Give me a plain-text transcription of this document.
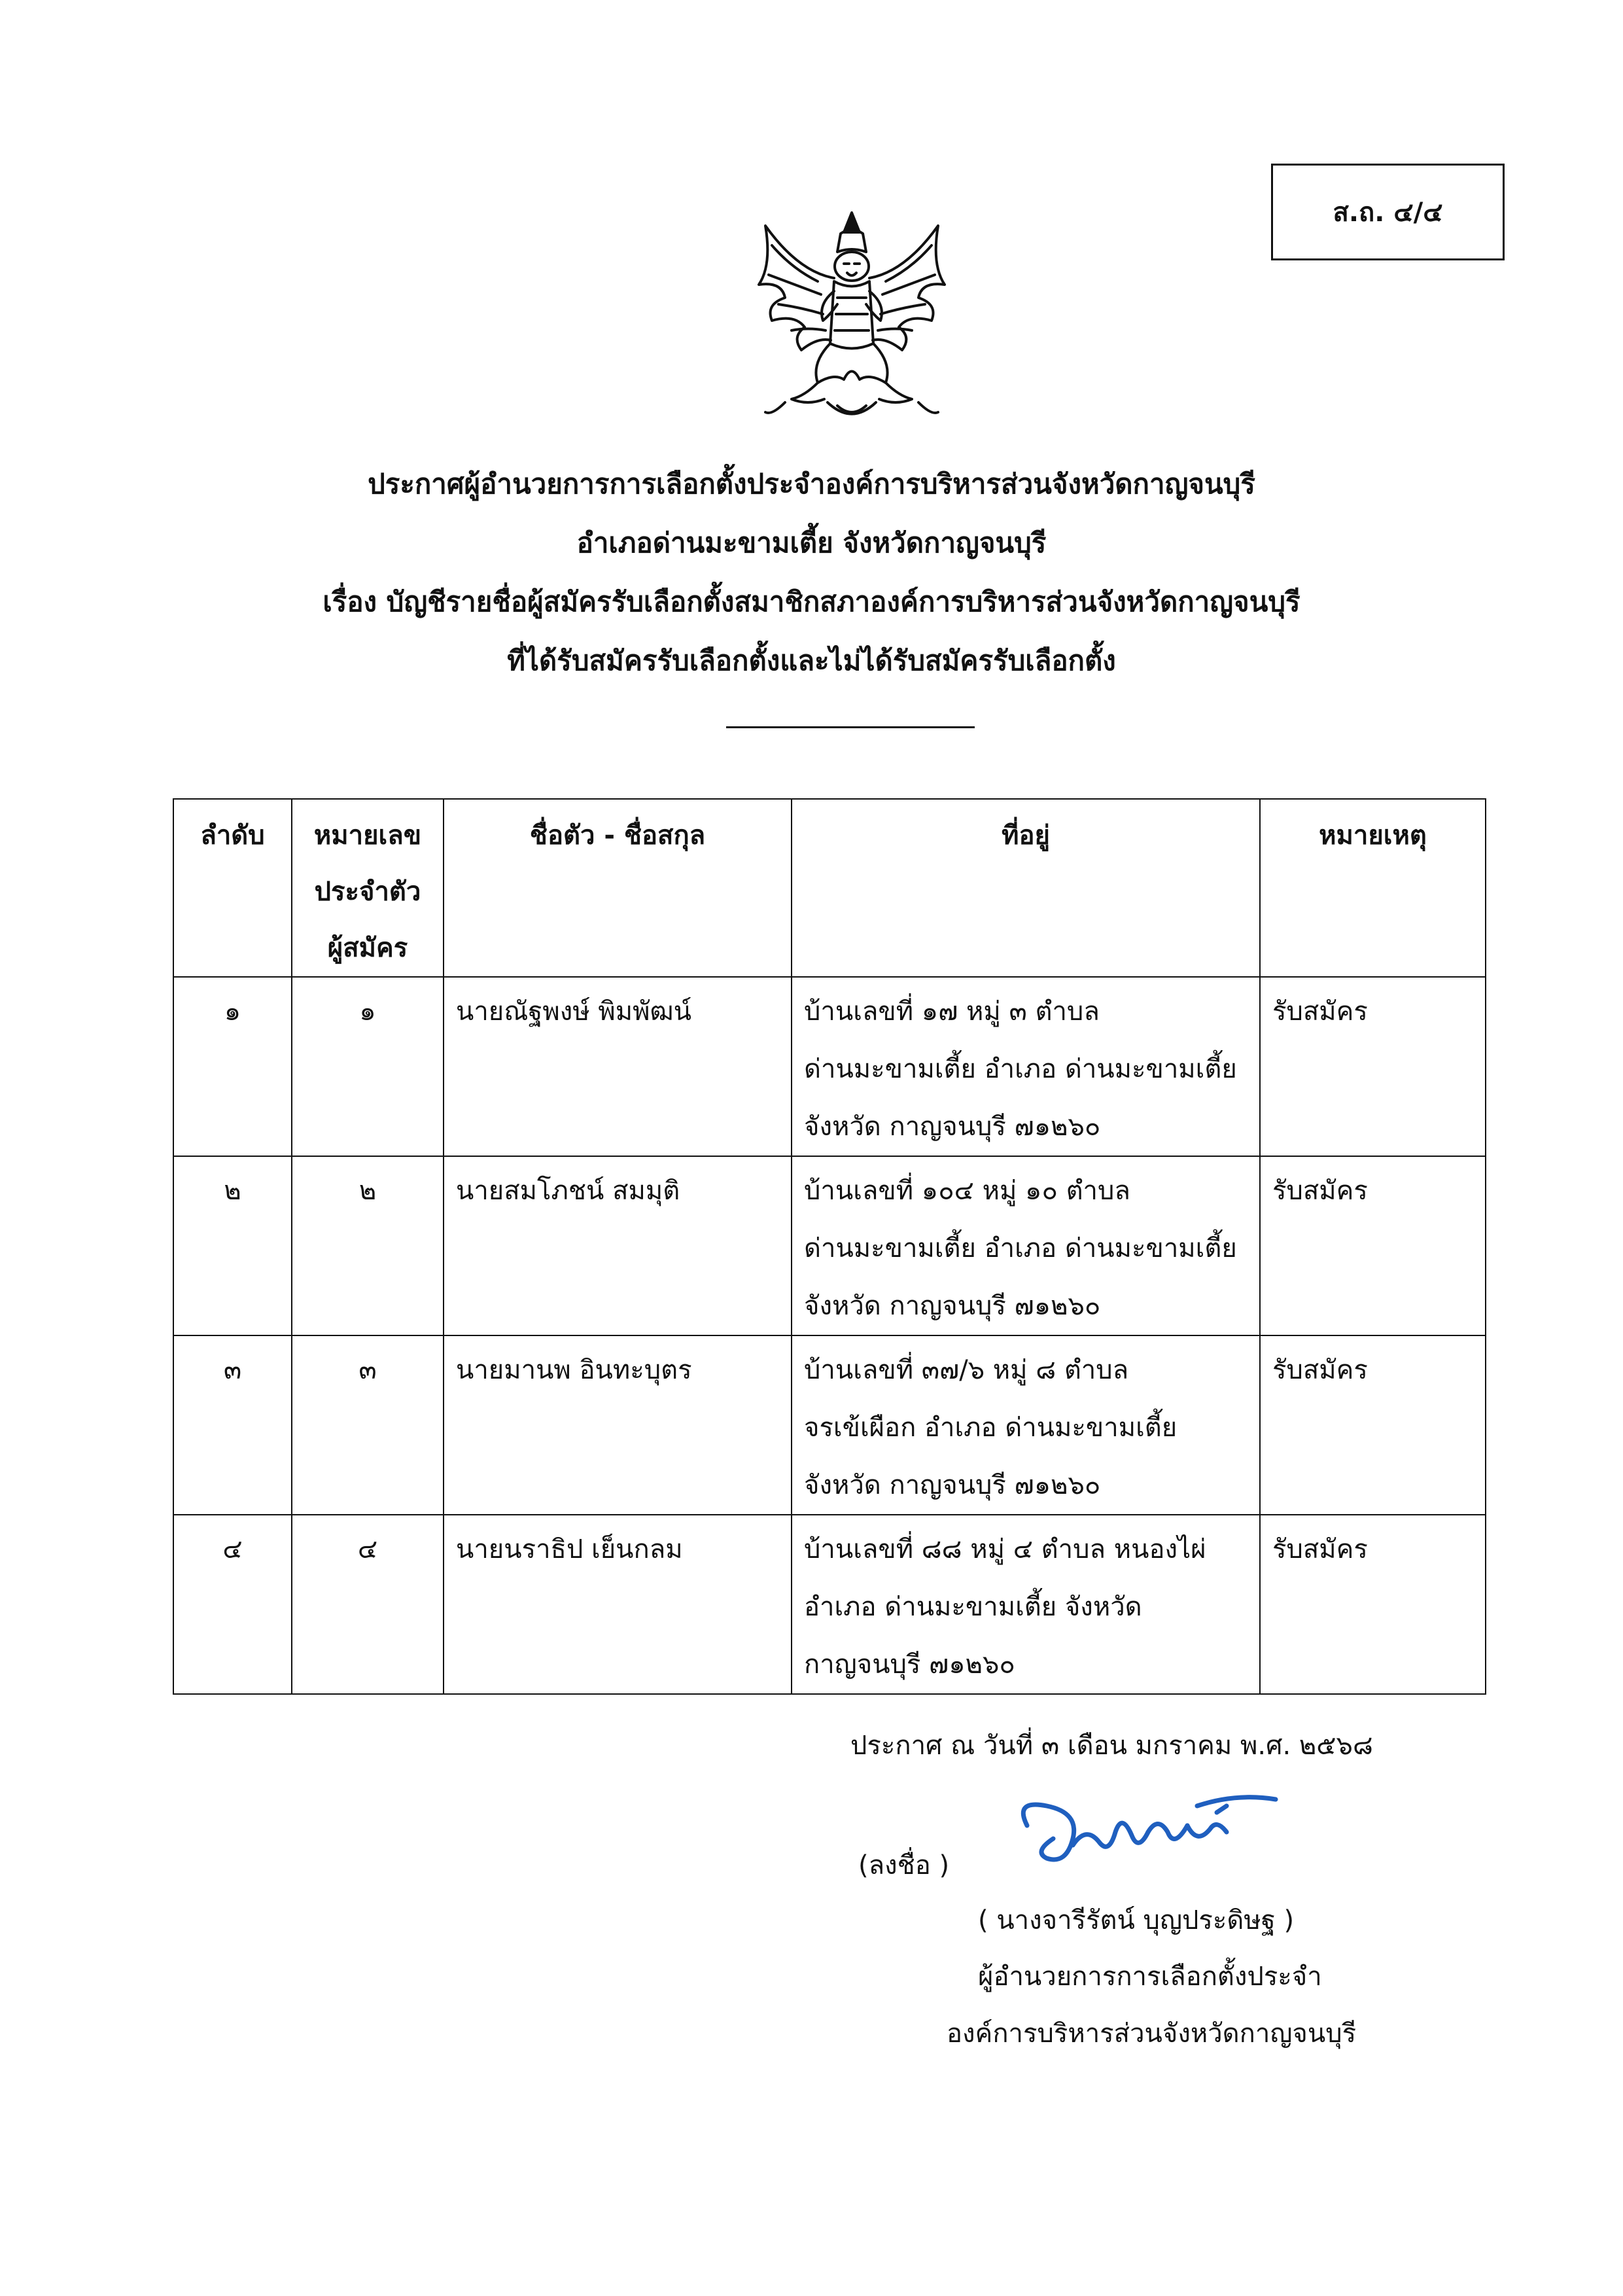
ส.ถ. ๔/๔
ประกาศผู้อำนวยการการเลือกตั้งประจำองค์การบริหารส่วนจังหวัดกาญจนบุรี
อำเภอด่านมะขามเตี้ย จังหวัดกาญจนบุรี
เรื่อง บัญชีรายชื่อผู้สมัครรับเลือกตั้งสมาชิกสภาองค์การบริหารส่วนจังหวัดกาญจนบุรี
ที่ได้รับสมัครรับเลือกตั้งและไม่ได้รับสมัครรับเลือกตั้ง
ลำดับ	หมายเลข
ประจำตัว
ผู้สมัคร	ชื่อตัว - ชื่อสกุล	ที่อยู่	หมายเหตุ
๑	๑	นายณัฐพงษ์ พิมพัฒน์	บ้านเลขที่ ๑๗ หมู่ ๓ ตำบล
ด่านมะขามเตี้ย อำเภอ ด่านมะขามเตี้ย
จังหวัด กาญจนบุรี ๗๑๒๖๐	รับสมัคร
๒	๒	นายสมโภชน์ สมมุติ	บ้านเลขที่ ๑๐๔ หมู่ ๑๐ ตำบล
ด่านมะขามเตี้ย อำเภอ ด่านมะขามเตี้ย
จังหวัด กาญจนบุรี ๗๑๒๖๐	รับสมัคร
๓	๓	นายมานพ อินทะบุตร	บ้านเลขที่ ๓๗/๖ หมู่ ๘ ตำบล
จรเข้เผือก อำเภอ ด่านมะขามเตี้ย
จังหวัด กาญจนบุรี ๗๑๒๖๐	รับสมัคร
๔	๔	นายนราธิป เย็นกลม	บ้านเลขที่ ๘๘ หมู่ ๔ ตำบล หนองไผ่
อำเภอ ด่านมะขามเตี้ย จังหวัด
กาญจนบุรี ๗๑๒๖๐	รับสมัคร
ประกาศ ณ วันที่ ๓ เดือน มกราคม พ.ศ. ๒๕๖๘
(ลงชื่อ )
( นางจารีรัตน์ บุญประดิษฐ )
ผู้อำนวยการการเลือกตั้งประจำ
องค์การบริหารส่วนจังหวัดกาญจนบุรี
